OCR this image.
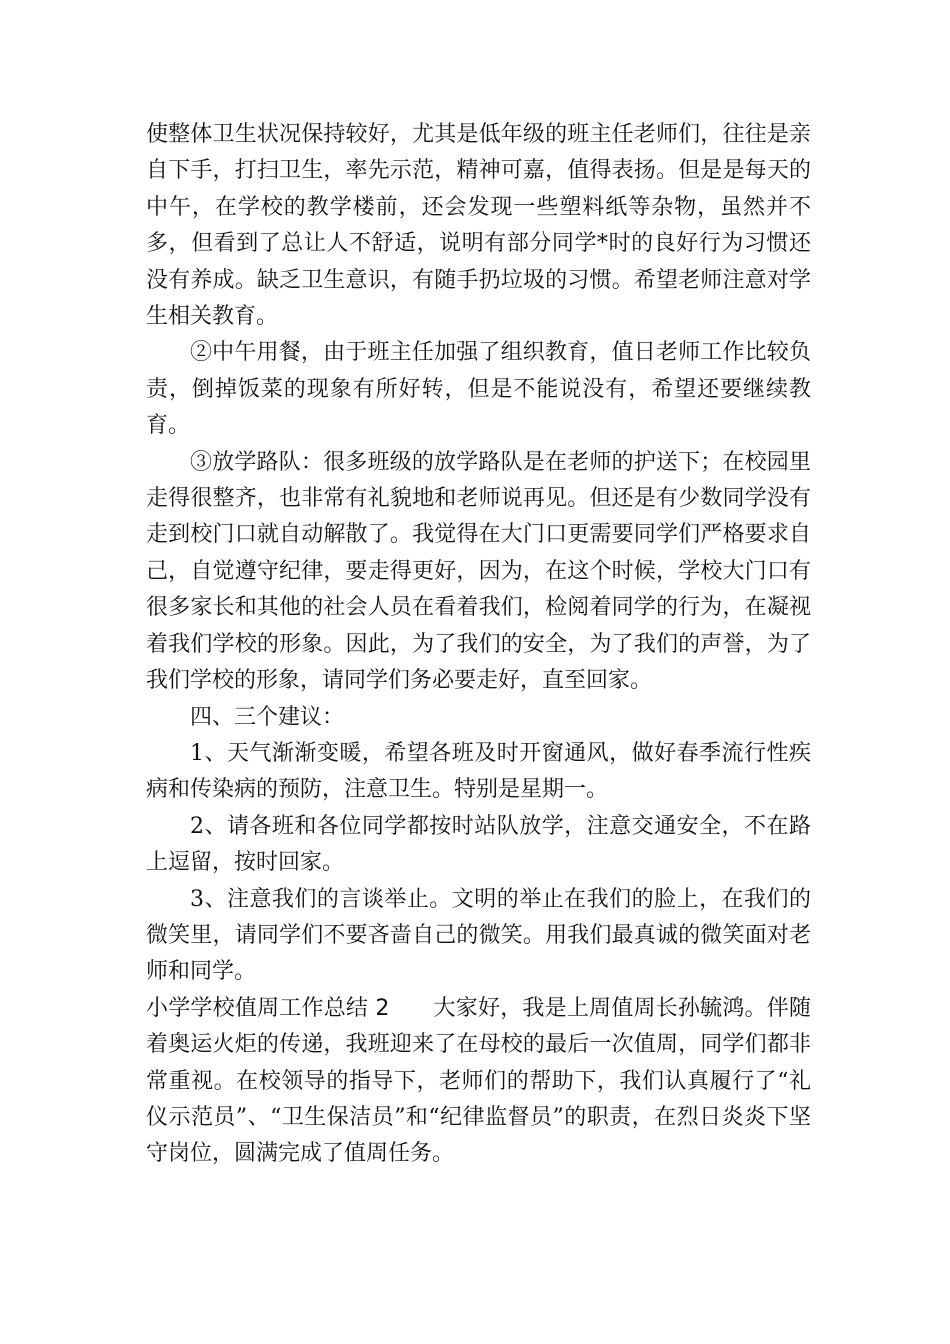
使整体卫生状况保持较好，尤其是低年级的班主任老师们，往往是亲自下手，打扫卫生，率先示范，精神可嘉，值得表扬。但是是每天的中午，在学校的教学楼前，还会发现一些塑料纸等杂物，虽然并不多，但看到了总让人不舒适，说明有部分同学*时的良好行为习惯还没有养成。缺乏卫生意识，有随手扔垃圾的习惯。希望老师注意对学生相关教育。

②中午用餐，由于班主任加强了组织教育，值日老师工作比较负责，倒掉饭菜的现象有所好转，但是不能说没有，希望还要继续教育。

③放学路队：很多班级的放学路队是在老师的护送下；在校园里走得很整齐，也非常有礼貌地和老师说再见。但还是有少数同学没有走到校门口就自动解散了。我觉得在大门口更需要同学们严格要求自己，自觉遵守纪律，要走得更好，因为，在这个时候，学校大门口有很多家长和其他的社会人员在看着我们，检阅着同学的行为，在凝视着我们学校的形象。因此，为了我们的安全，为了我们的声誉，为了我们学校的形象，请同学们务必要走好，直至回家。

四、三个建议：

1、天气渐渐变暖，希望各班及时开窗通风，做好春季流行性疾病和传染病的预防，注意卫生。特别是星期一。

2、请各班和各位同学都按时站队放学，注意交通安全，不在路上逗留，按时回家。

3、注意我们的言谈举止。文明的举止在我们的脸上，在我们的微笑里，请同学们不要吝啬自己的微笑。用我们最真诚的微笑面对老师和同学。

小学学校值周工作总结 2 大家好，我是上周值周长孙毓鸿。伴随着奥运火炬的传递，我班迎来了在母校的最后一次值周，同学们都非常重视。在校领导的指导下，老师们的帮助下，我们认真履行了“礼仪示范员”、“卫生保洁员”和“纪律监督员”的职责，在烈日炎炎下坚守岗位，圆满完成了值周任务。
